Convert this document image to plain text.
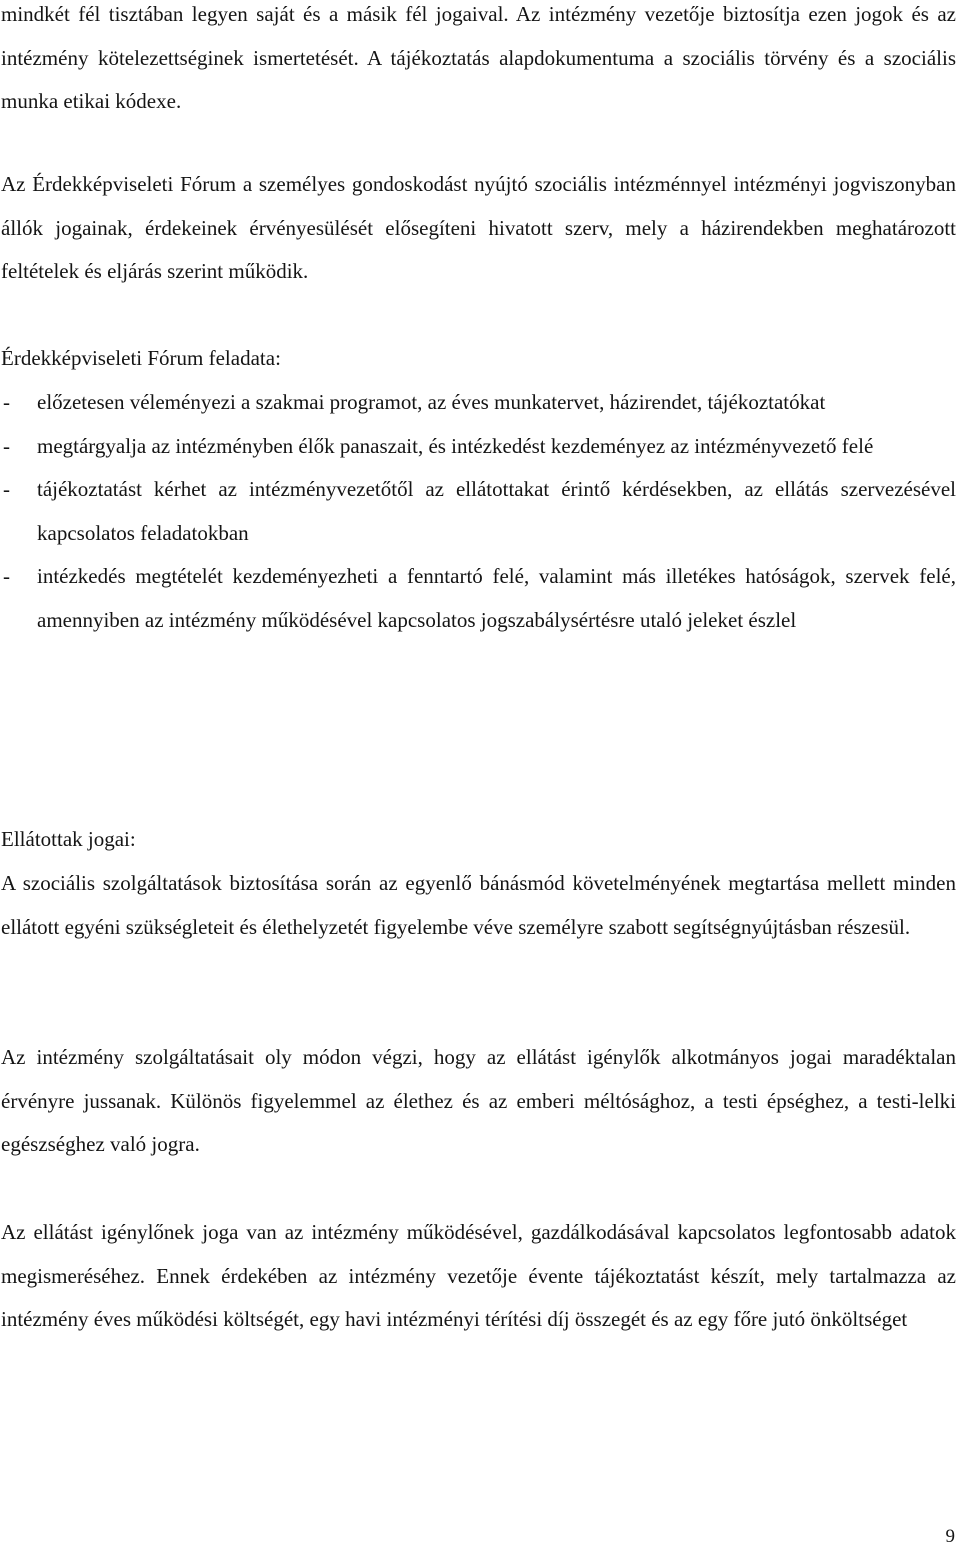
mindkét fél tisztában legyen saját és a másik fél jogaival. Az intézmény vezetője biztosítja ezen jogok és az intézmény kötelezettséginek ismertetését. A tájékoztatás alapdokumentuma a szociális törvény és a szociális munka etikai kódexe.

Az Érdekképviseleti Fórum a személyes gondoskodást nyújtó szociális intézménnyel intézményi jogviszonyban állók jogainak, érdekeinek érvényesülését elősegíteni hivatott szerv, mely a házirendekben meghatározott feltételek és eljárás szerint működik.

Érdekképviseleti Fórum feladata:

- előzetesen véleményezi a szakmai programot, az éves munkatervet, házirendet, tájékoztatókat
- megtárgyalja az intézményben élők panaszait, és intézkedést kezdeményez az intézményvezető felé
- tájékoztatást kérhet az intézményvezetőtől az ellátottakat érintő kérdésekben, az ellátás szervezésével kapcsolatos feladatokban
- intézkedés megtételét kezdeményezheti a fenntartó felé, valamint más illetékes hatóságok, szervek felé, amennyiben az intézmény működésével kapcsolatos jogszabálysértésre utaló jeleket észlel

Ellátottak jogai:

A szociális szolgáltatások biztosítása során az egyenlő bánásmód követelményének megtartása mellett minden ellátott egyéni szükségleteit és élethelyzetét figyelembe véve személyre szabott segítségnyújtásban részesül.

Az intézmény szolgáltatásait oly módon végzi, hogy az ellátást igénylők alkotmányos jogai maradéktalan érvényre jussanak. Különös figyelemmel az élethez és az emberi méltósághoz, a testi épséghez, a testi-lelki egészséghez való jogra.

Az ellátást igénylőnek joga van az intézmény működésével, gazdálkodásával kapcsolatos legfontosabb adatok megismeréséhez. Ennek érdekében az intézmény vezetője évente tájékoztatást készít, mely tartalmazza az intézmény éves működési költségét, egy havi intézményi térítési díj összegét és az egy főre jutó önköltséget

9
